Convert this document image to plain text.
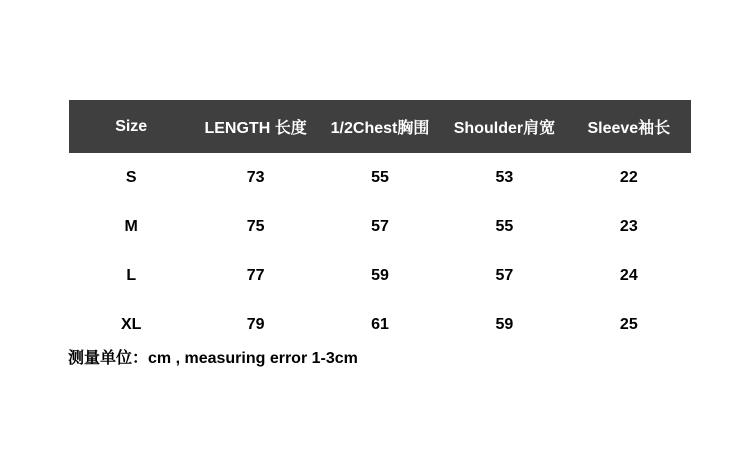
Size	LENGTH 长度	1/2Chest胸围	Shoulder肩宽	Sleeve袖长
S	73	55	53	22
M	75	57	55	23
L	77	59	57	24
XL	79	61	59	25
测量单位：cm , measuring error 1-3cm
